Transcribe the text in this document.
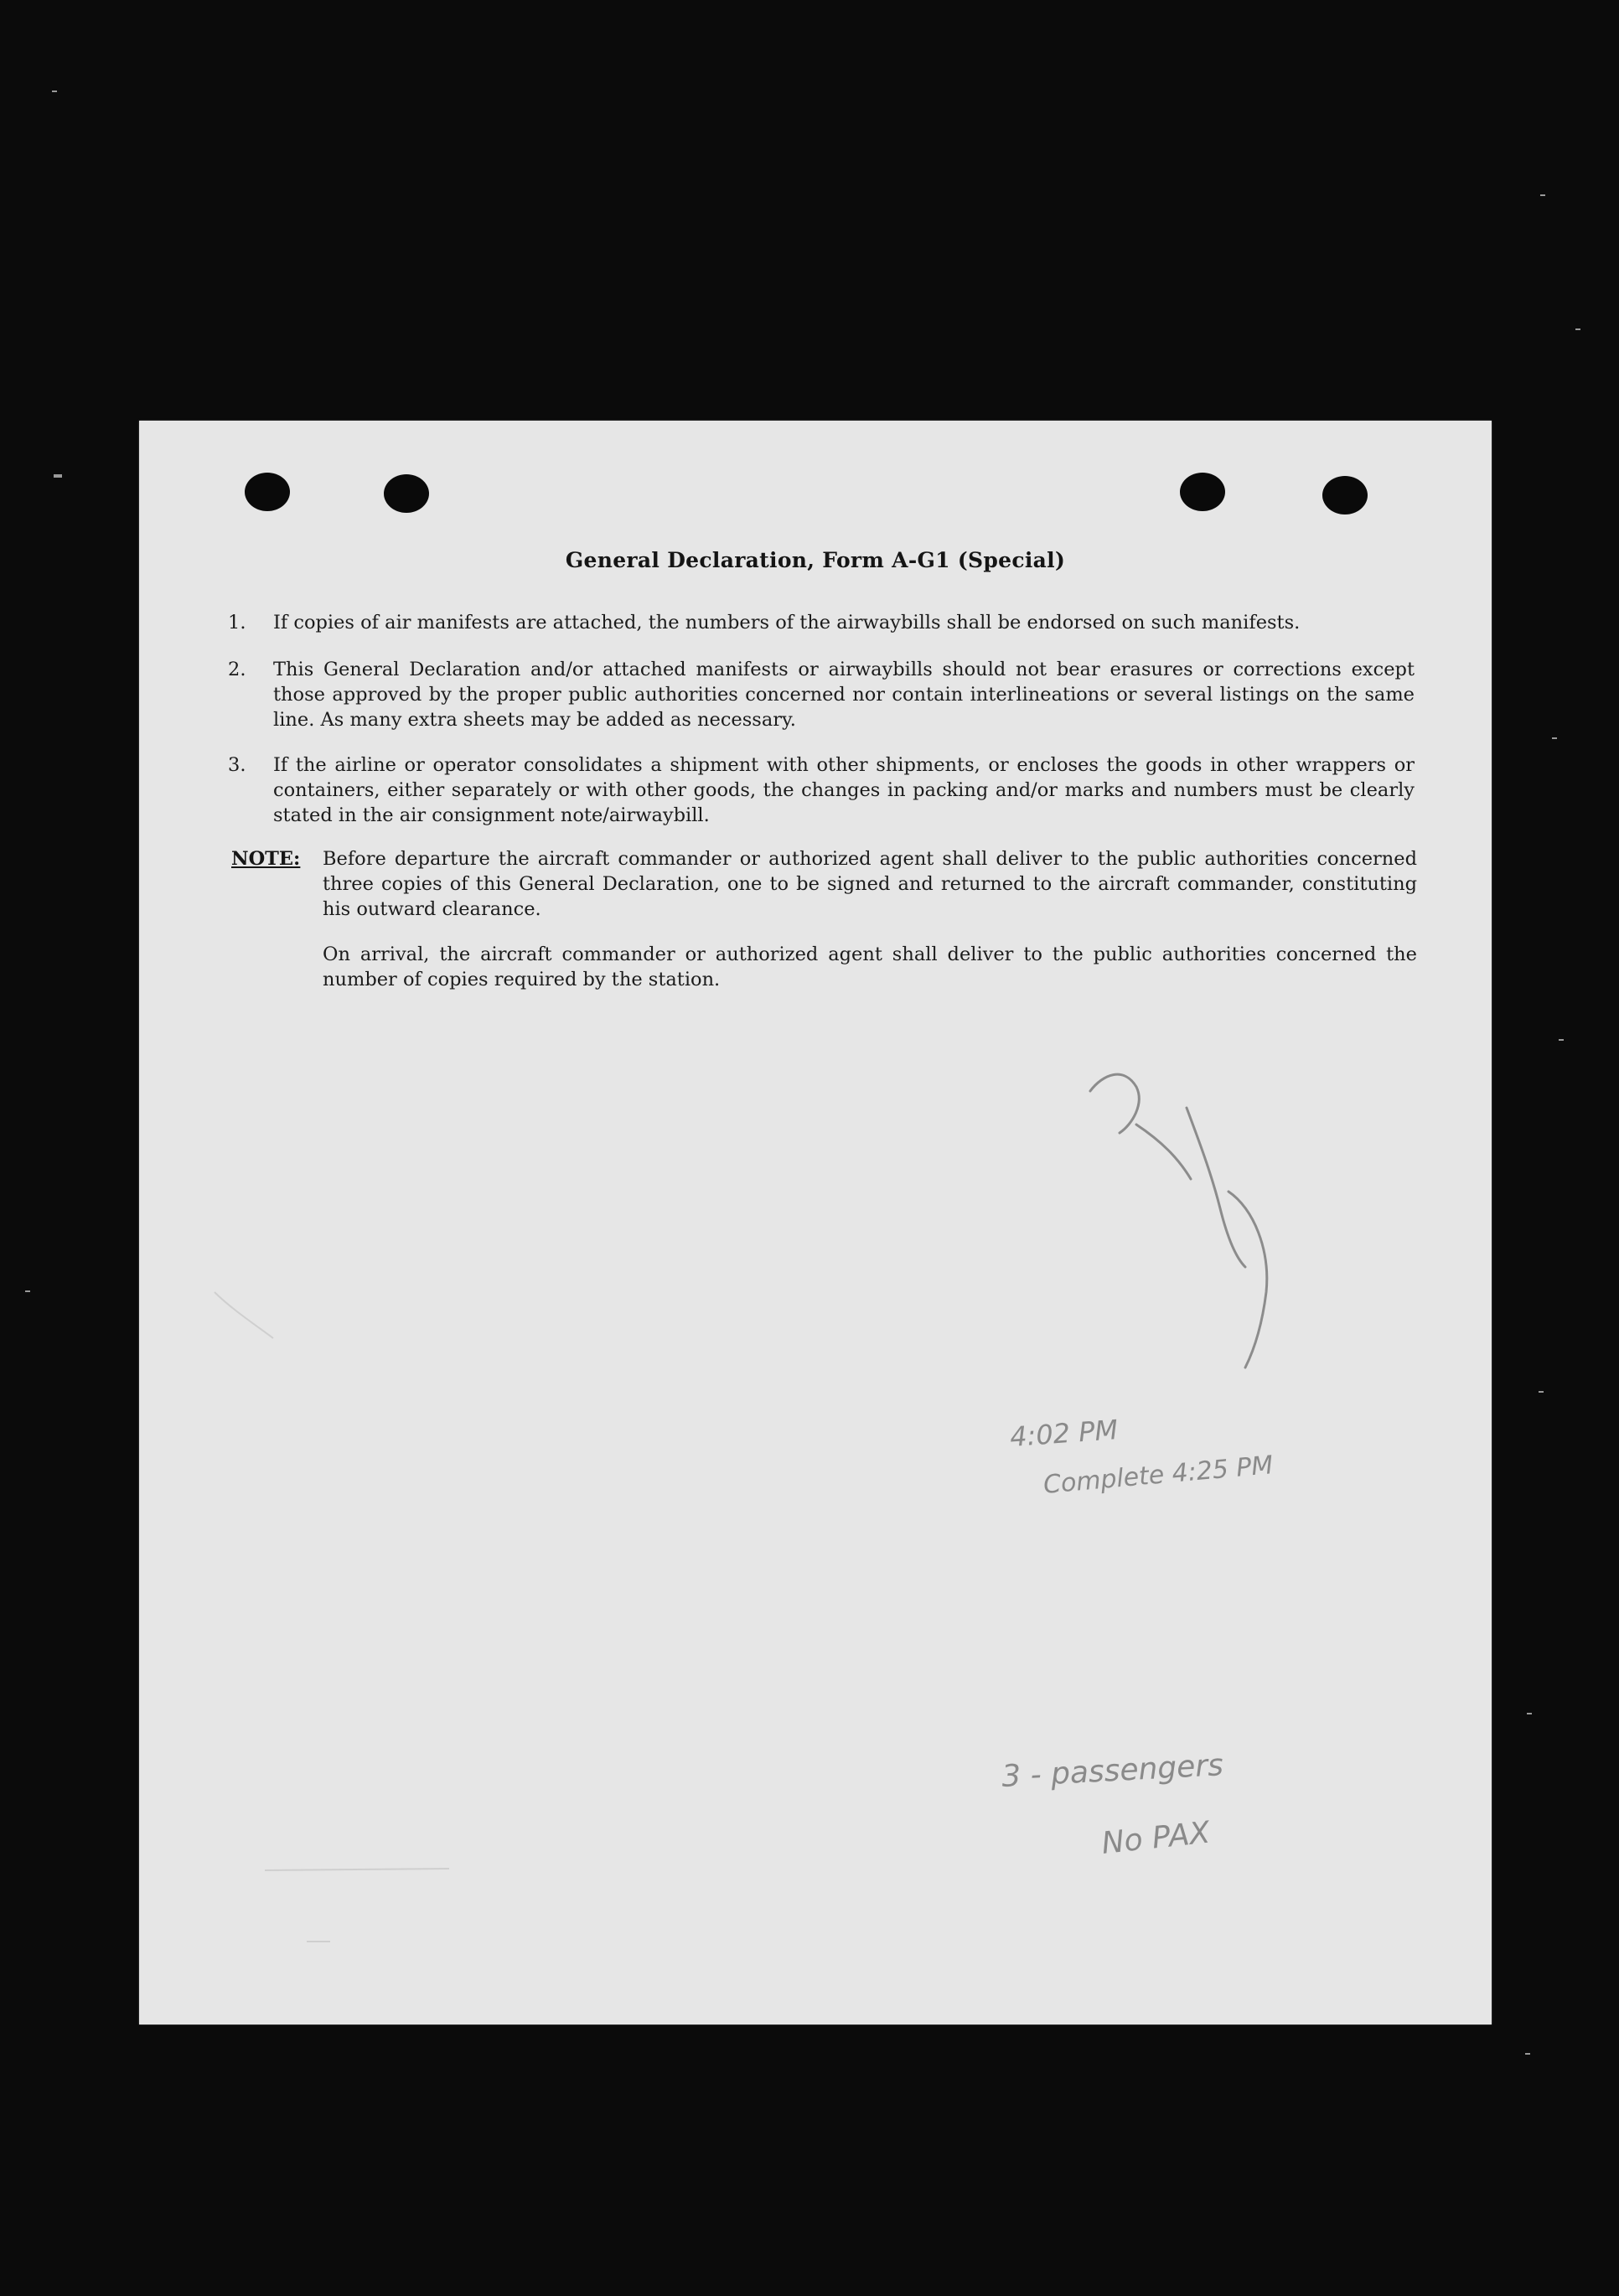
General Declaration, Form A-G1 (Special)
1.	If copies of air manifests are attached, the numbers of the airwaybills shall be endorsed on such manifests.
2.	This General Declaration and/or attached manifests or airwaybills should not bear erasures or corrections except those approved by the proper public authorities concerned nor contain interlineations or several listings on the same line. As many extra sheets may be added as necessary.
3.	If the airline or operator consolidates a shipment with other shipments, or encloses the goods in other wrappers or containers, either separately or with other goods, the changes in packing and/or marks and numbers must be clearly stated in the air consignment note/airwaybill.
NOTE: Before departure the aircraft commander or authorized agent shall deliver to the public authorities concerned three copies of this General Declaration, one to be signed and returned to the aircraft commander, constituting his outward clearance.
On arrival, the aircraft commander or authorized agent shall deliver to the public authorities concerned the number of copies required by the station.
4:02 PM
Complete 4:25 PM
3 - passengers
No PAX
